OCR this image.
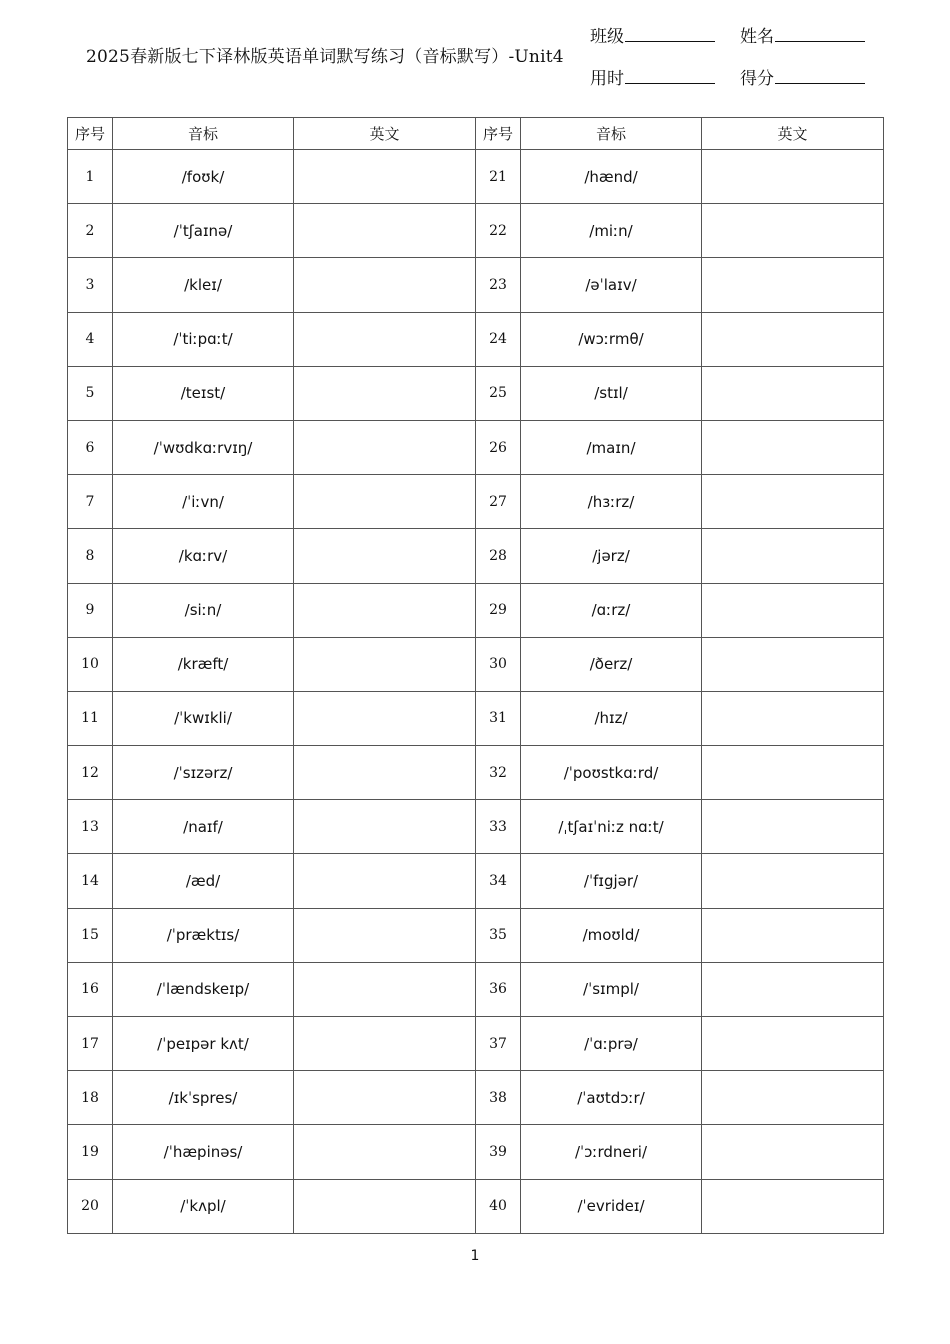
2025春新版七下译林版英语单词默写练习（音标默写）-Unit4
班级	姓名
用时	得分
序号	音标	英文	序号	音标	英文
1	/foʊk/		21	/hænd/	
2	/ˈtʃaɪnə/		22	/miːn/	
3	/kleɪ/		23	/əˈlaɪv/	
4	/ˈtiːpɑːt/		24	/wɔːrmθ/	
5	/teɪst/		25	/stɪl/	
6	/ˈwʊdkɑːrvɪŋ/		26	/maɪn/	
7	/ˈiːvn/		27	/hɜːrz/	
8	/kɑːrv/		28	/jərz/	
9	/siːn/		29	/ɑːrz/	
10	/kræft/		30	/ðerz/	
11	/ˈkwɪkli/		31	/hɪz/	
12	/ˈsɪzərz/		32	/ˈpoʊstkɑːrd/	
13	/naɪf/		33	/ˌtʃaɪˈniːz nɑːt/	
14	/æd/		34	/ˈfɪgjər/	
15	/ˈpræktɪs/		35	/moʊld/	
16	/ˈlændskeɪp/		36	/ˈsɪmpl/	
17	/ˈpeɪpər kʌt/		37	/ˈɑːprə/	
18	/ɪkˈspres/		38	/ˈaʊtdɔːr/	
19	/ˈhæpinəs/		39	/ˈɔːrdneri/	
20	/ˈkʌpl/		40	/ˈevrideɪ/	
1
